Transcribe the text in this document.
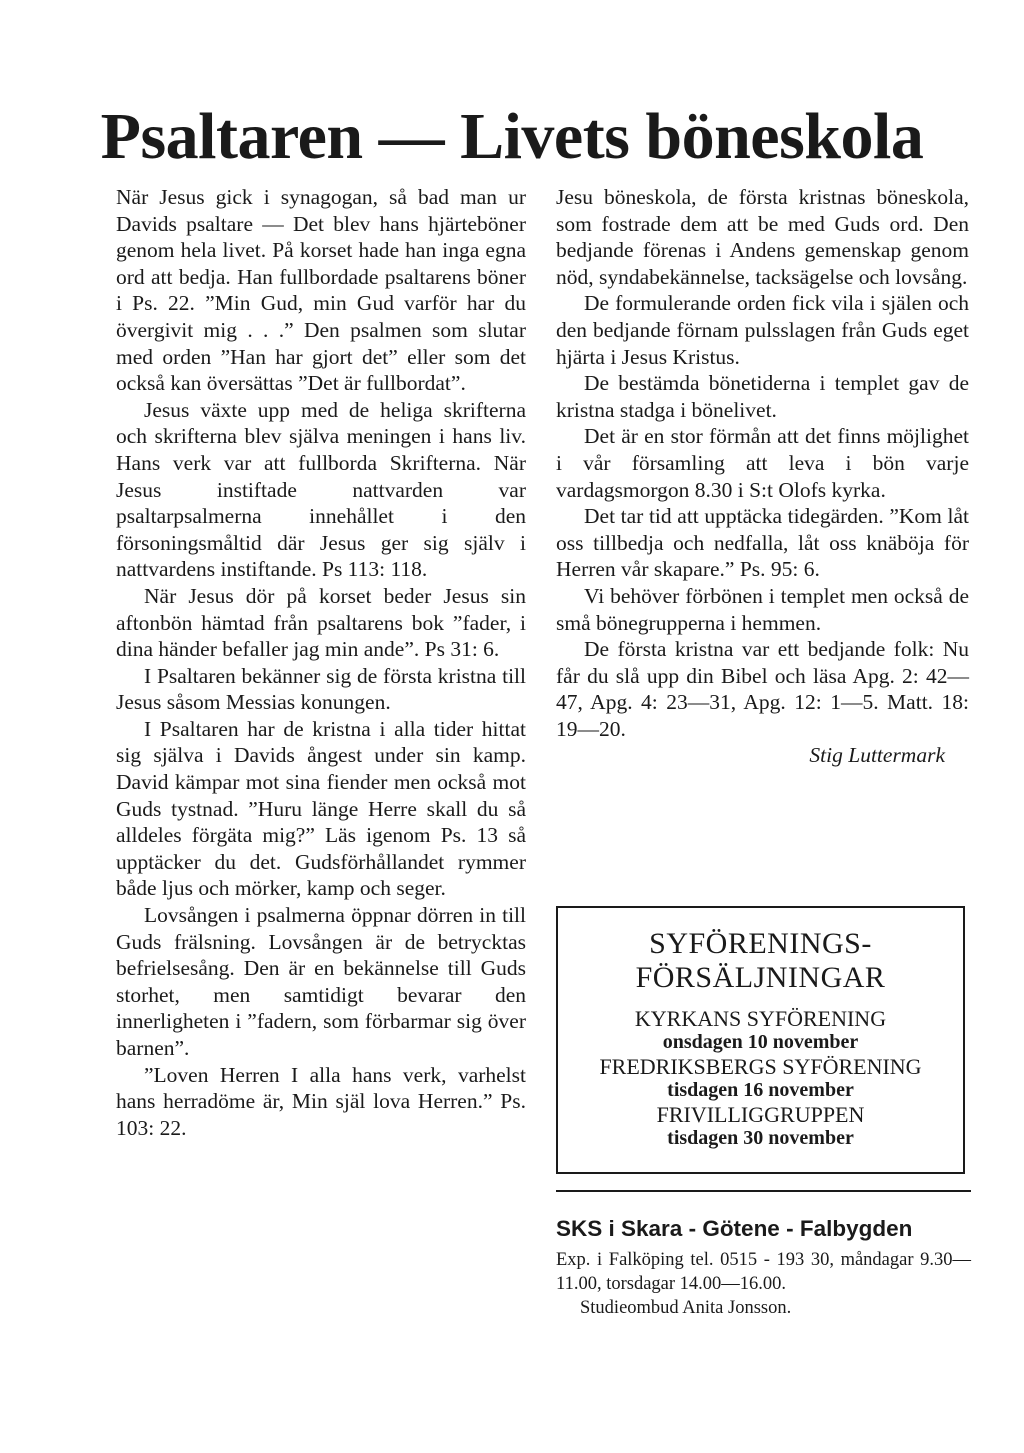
Psaltaren — Livets böneskola

När Jesus gick i synagogan, så bad man ur Davids psaltare — Det blev hans hjärteböner genom hela livet. På korset hade han inga egna ord att bedja. Han fullbordade psaltarens böner i Ps. 22. ”Min Gud, min Gud varför har du övergivit mig . . .” Den psalmen som slutar med orden ”Han har gjort det” eller som det också kan översättas ”Det är fullbordat”.

Jesus växte upp med de heliga skrifterna och skrifterna blev själva meningen i hans liv. Hans verk var att fullborda Skrifterna. När Jesus instiftade nattvarden var psaltarpsalmerna innehållet i den försoningsmåltid där Jesus ger sig själv i nattvardens instiftande. Ps 113: 118.

När Jesus dör på korset beder Jesus sin aftonbön hämtad från psaltarens bok ”fader, i dina händer befaller jag min ande”. Ps 31: 6.

I Psaltaren bekänner sig de första kristna till Jesus såsom Messias konungen.

I Psaltaren har de kristna i alla tider hittat sig själva i Davids ångest under sin kamp. David kämpar mot sina fiender men också mot Guds tystnad. ”Huru länge Herre skall du så alldeles förgäta mig?” Läs igenom Ps. 13 så upptäcker du det. Gudsförhållandet rymmer både ljus och mörker, kamp och seger.

Lovsången i psalmerna öppnar dörren in till Guds frälsning. Lovsången är de betrycktas befrielsesång. Den är en bekännelse till Guds storhet, men samtidigt bevarar den innerligheten i ”fadern, som förbarmar sig över barnen”.

”Loven Herren I alla hans verk, varhelst hans herradöme är, Min själ lova Herren.” Ps. 103: 22.

Jesu böneskola, de första kristnas böneskola, som fostrade dem att be med Guds ord. Den bedjande förenas i Andens gemenskap genom nöd, syndabekännelse, tacksägelse och lovsång.

De formulerande orden fick vila i själen och den bedjande förnam pulsslagen från Guds eget hjärta i Jesus Kristus.

De bestämda bönetiderna i templet gav de kristna stadga i bönelivet.

Det är en stor förmån att det finns möjlighet i vår församling att leva i bön varje vardagsmorgon 8.30 i S:t Olofs kyrka.

Det tar tid att upptäcka tidegärden. ”Kom låt oss tillbedja och nedfalla, låt oss knäböja för Herren vår skapare.” Ps. 95: 6.

Vi behöver förbönen i templet men också de små bönegrupperna i hemmen.

De första kristna var ett bedjande folk: Nu får du slå upp din Bibel och läsa Apg. 2: 42—47, Apg. 4: 23—31, Apg. 12: 1—5. Matt. 18: 19—20.

Stig Luttermark

SYFÖRENINGS-
FÖRSÄLJNINGAR
KYRKANS SYFÖRENING
onsdagen 10 november
FREDRIKSBERGS SYFÖRENING
tisdagen 16 november
FRIVILLIGGRUPPEN
tisdagen 30 november

SKS i Skara - Götene - Falbygden

Exp. i Falköping tel. 0515 - 193 30, måndagar 9.30—11.00, torsdagar 14.00—16.00.

Studieombud Anita Jonsson.
